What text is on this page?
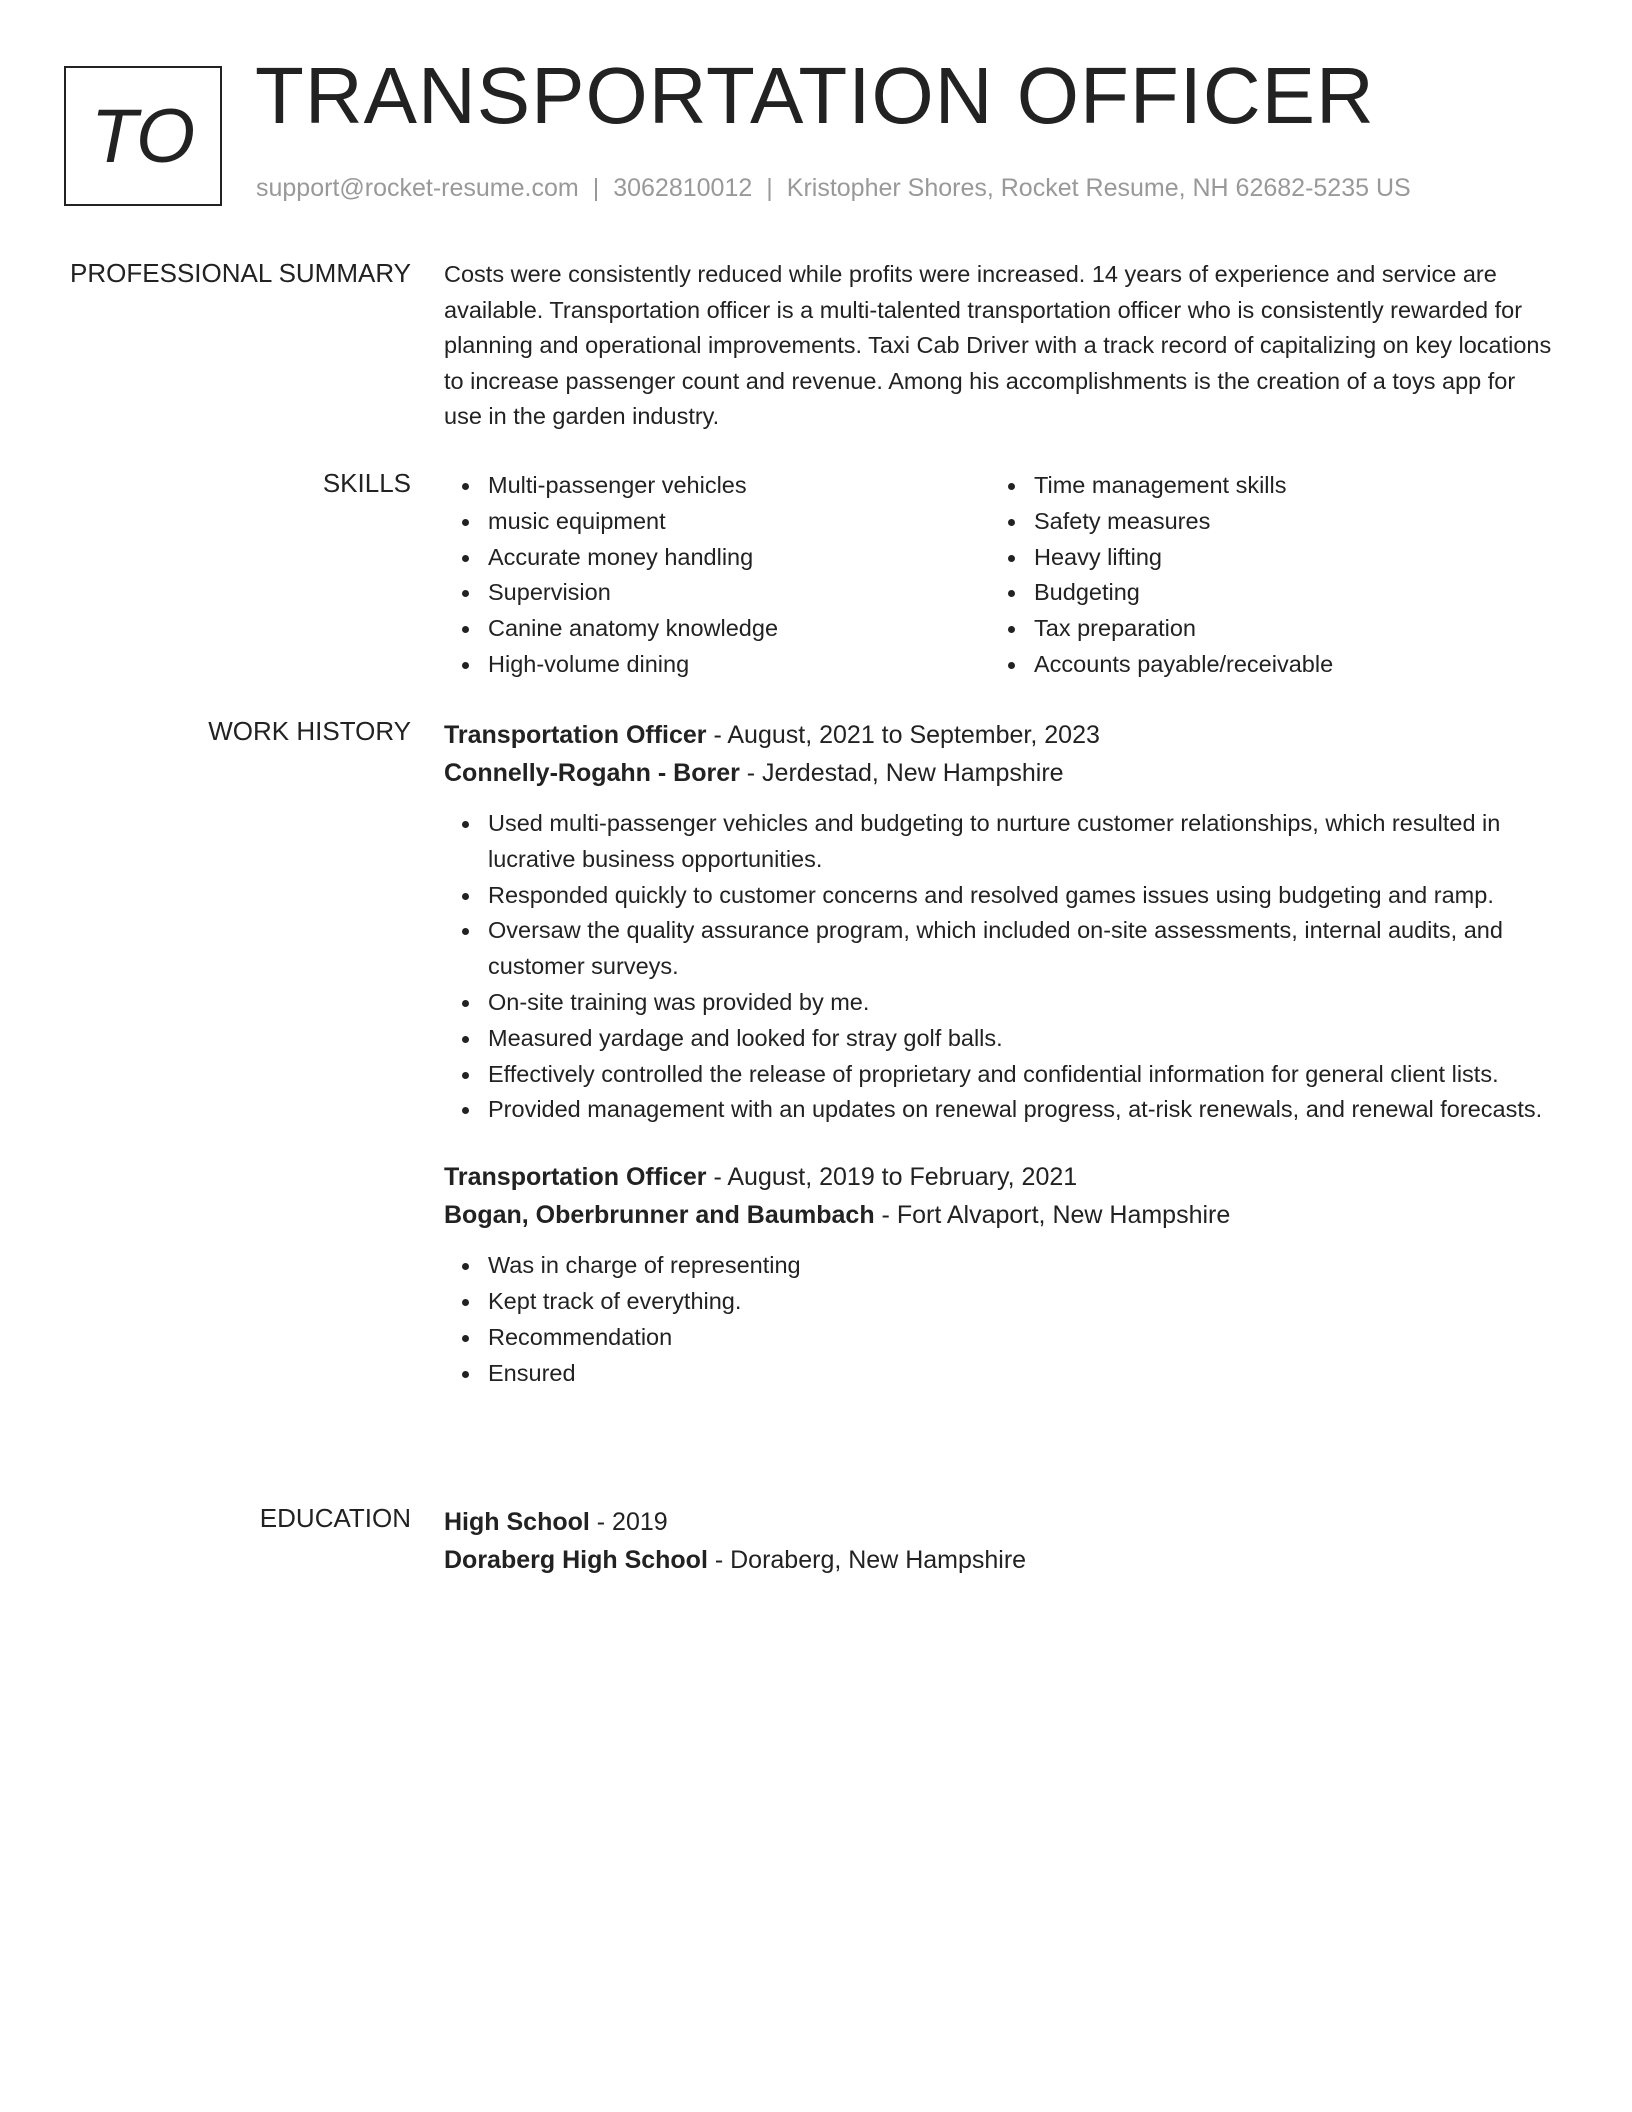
TO TRANSPORTATION OFFICER
support@rocket-resume.com | 3062810012 | Kristopher Shores, Rocket Resume, NH 62682-5235 US
PROFESSIONAL SUMMARY Costs were consistently reduced while profits were increased. 14 years of experience and service are available. Transportation officer is a multi-talented transportation officer who is consistently rewarded for planning and operational improvements. Taxi Cab Driver with a track record of capitalizing on key locations to increase passenger count and revenue. Among his accomplishments is the creation of a toys app for use in the garden industry.

SKILLS	Multi-passenger vehicles
music equipment
Accurate money handling
Supervision
Canine anatomy knowledge
High-volume dining
Time management skills
Safety measures
Heavy lifting
Budgeting
Tax preparation
Accounts payable/receivable
WORK HISTORY Transportation Officer - August, 2021 to September, 2023
Connelly-Rogahn - Borer - Jerdestad, New Hampshire
Used multi-passenger vehicles and budgeting to nurture customer relationships, which resulted in lucrative business opportunities.
Responded quickly to customer concerns and resolved games issues using budgeting and ramp.
Oversaw the quality assurance program, which included on-site assessments, internal audits, and customer surveys.
On-site training was provided by me.
Measured yardage and looked for stray golf balls.
Effectively controlled the release of proprietary and confidential information for general client lists.
Provided management with an updates on renewal progress, at-risk renewals, and renewal forecasts.
Transportation Officer - August, 2019 to February, 2021
Bogan, Oberbrunner and Baumbach - Fort Alvaport, New Hampshire
Was in charge of representing
Kept track of everything.
Recommendation
Ensured
EDUCATION High School - 2019
Doraberg High School - Doraberg, New Hampshire
